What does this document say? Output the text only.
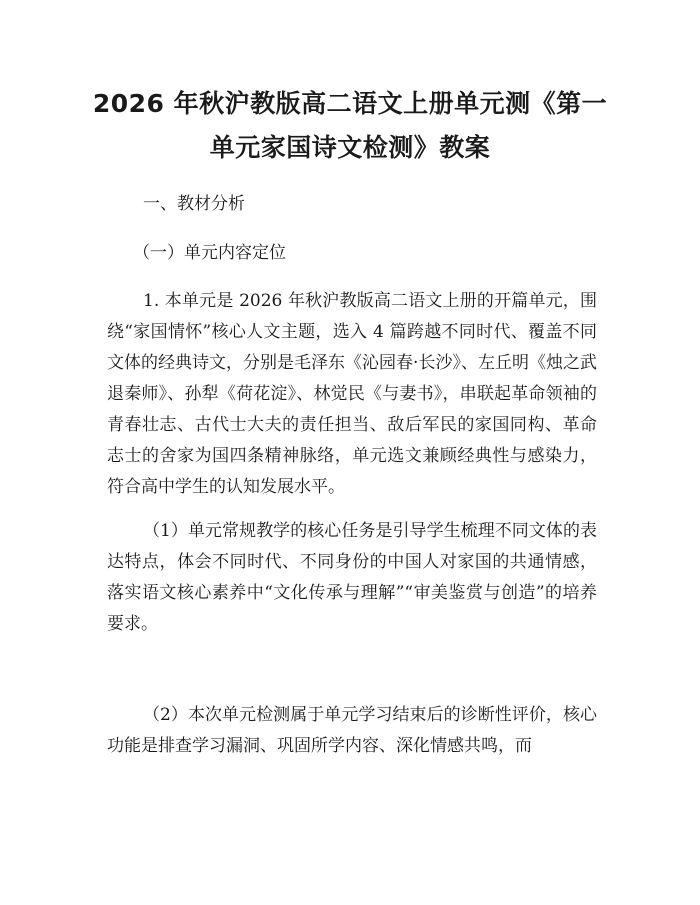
2026 年秋沪教版高二语文上册单元测《第一
单元家国诗文检测》教案
一、教材分析
（一）单元内容定位
1. 本单元是 2026 年秋沪教版高二语文上册的开篇单元，围绕“家国情怀”核心人文主题，选入 4 篇跨越不同时代、覆盖不同文体的经典诗文，分别是毛泽东《沁园春·长沙》、左丘明《烛之武退秦师》、孙犁《荷花淀》、林觉民《与妻书》，串联起革命领袖的青春壮志、古代士大夫的责任担当、敌后军民的家国同构、革命志士的舍家为国四条精神脉络，单元选文兼顾经典性与感染力，符合高中学生的认知发展水平。
（1）单元常规教学的核心任务是引导学生梳理不同文体的表达特点，体会不同时代、不同身份的中国人对家国的共通情感，落实语文核心素养中“文化传承与理解”“审美鉴赏与创造”的培养要求。
（2）本次单元检测属于单元学习结束后的诊断性评价，核心功能是排查学习漏洞、巩固所学内容、深化情感共鸣，而
